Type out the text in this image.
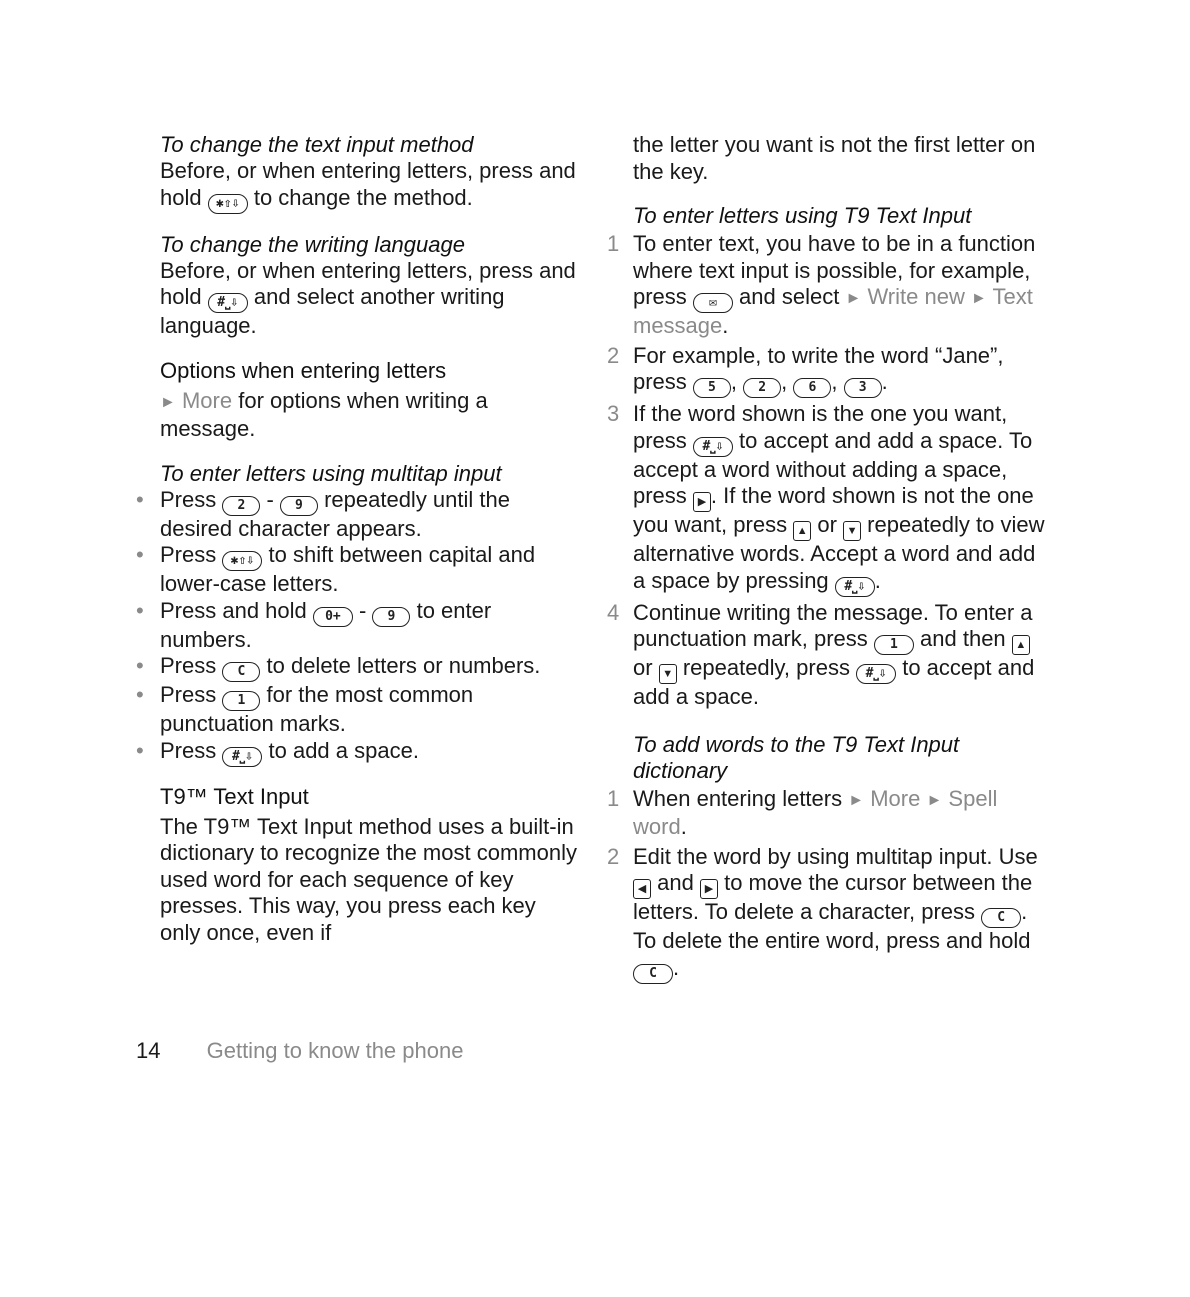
To change the text input method

Before, or when entering letters, press and hold ✱⇧⇩ to change the method.

To change the writing language

Before, or when entering letters, press and hold #⎵⇩ and select another writing language.

Options when entering letters

► More for options when writing a message.

To enter letters using multitap input
• Press 2 - 9 repeatedly until the desired character appears.
• Press ✱⇧⇩ to shift between capital and lower-case letters.
• Press and hold 0+ - 9 to enter numbers.
• Press C to delete letters or numbers.
• Press 1 for the most common punctuation marks.
• Press #⎵⇩ to add a space.
T9™ Text Input

The T9™ Text Input method uses a built-in dictionary to recognize the most commonly used word for each sequence of key presses. This way, you press each key only once, even if

the letter you want is not the first letter on the key.

To enter letters using T9 Text Input
1 To enter text, you have to be in a function where text input is possible, for example, press ✉ and select ► Write new ► Text message.
2 For example, to write the word “Jane”, press 5 , 2 , 6 , 3 .
3 If the word shown is the one you want, press #⎵⇩ to accept and add a space. To accept a word without adding a space, press ▶ . If the word shown is not the one you want, press ▲ or ▼ repeatedly to view alternative words. Accept a word and add a space by pressing #⎵⇩ .
4 Continue writing the message. To enter a punctuation mark, press 1 and then ▲ or ▼ repeatedly, press #⎵⇩ to accept and add a space.
To add words to the T9 Text Input dictionary
1 When entering letters ► More ► Spell word.
2 Edit the word by using multitap input. Use ◀ and ▶ to move the cursor between the letters. To delete a character, press C . To delete the entire word, press and hold C .
14 Getting to know the phone
